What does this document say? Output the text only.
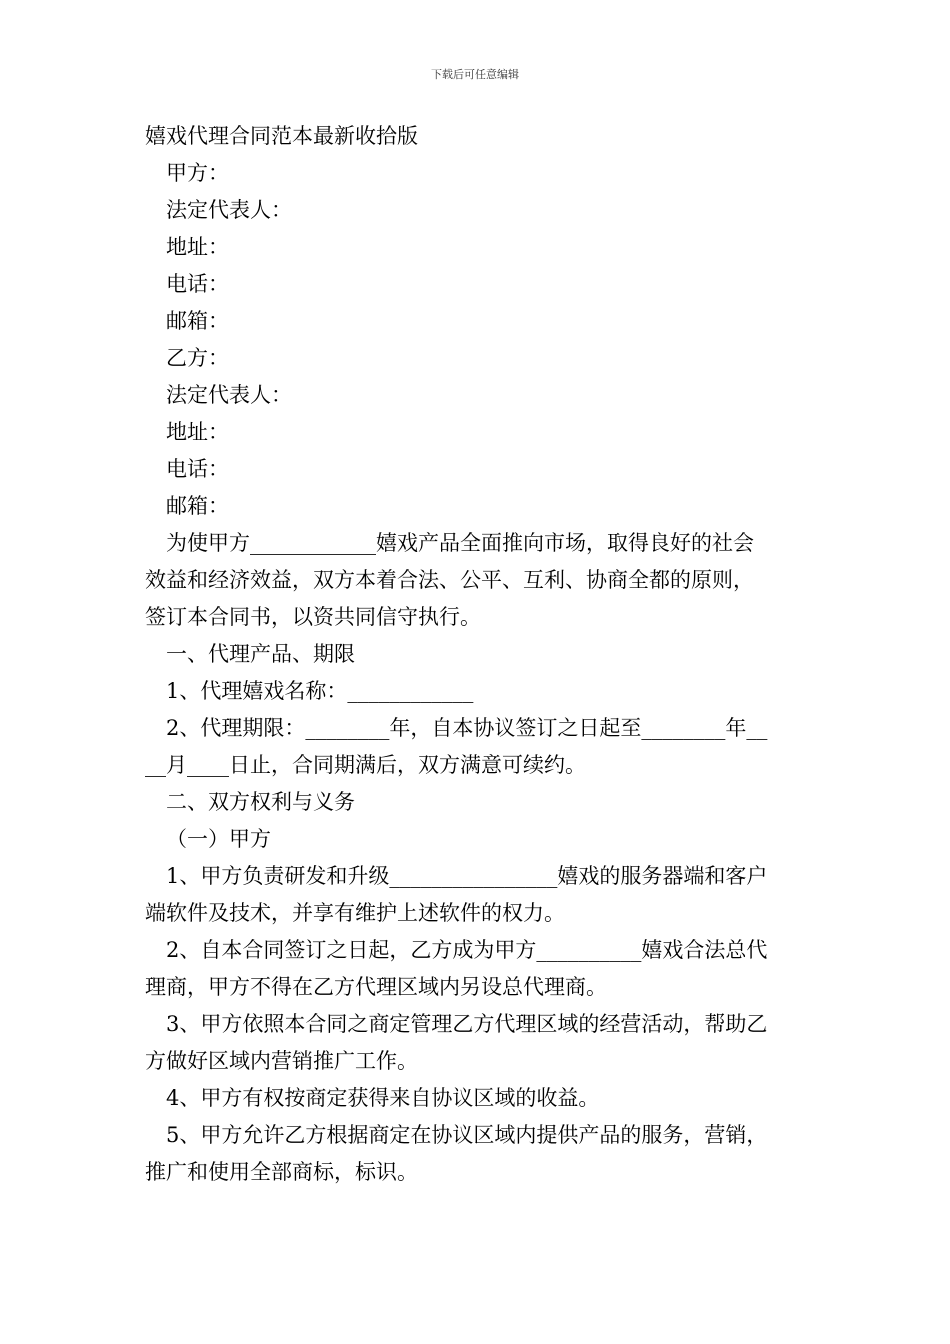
下载后可任意编辑
嬉戏代理合同范本最新收拾版

甲方：

法定代表人：

地址：

电话：

邮箱：

乙方：

法定代表人：

地址：

电话：

邮箱：

为使甲方____________嬉戏产品全面推向市场，取得良好的社会

效益和经济效益，双方本着合法、公平、互利、协商全都的原则，

签订本合同书，以资共同信守执行。

一、代理产品、期限

1、代理嬉戏名称：____________

2、代理期限：________年，自本协议签订之日起至________年__

__月____日止，合同期满后，双方满意可续约。

二、双方权利与义务

（一）甲方

1、甲方负责研发和升级________________嬉戏的服务器端和客户

端软件及技术，并享有维护上述软件的权力。

2、自本合同签订之日起，乙方成为甲方__________嬉戏合法总代

理商，甲方不得在乙方代理区域内另设总代理商。

3、甲方依照本合同之商定管理乙方代理区域的经营活动，帮助乙

方做好区域内营销推广工作。

4、甲方有权按商定获得来自协议区域的收益。

5、甲方允许乙方根据商定在协议区域内提供产品的服务，营销，

推广和使用全部商标，标识。
